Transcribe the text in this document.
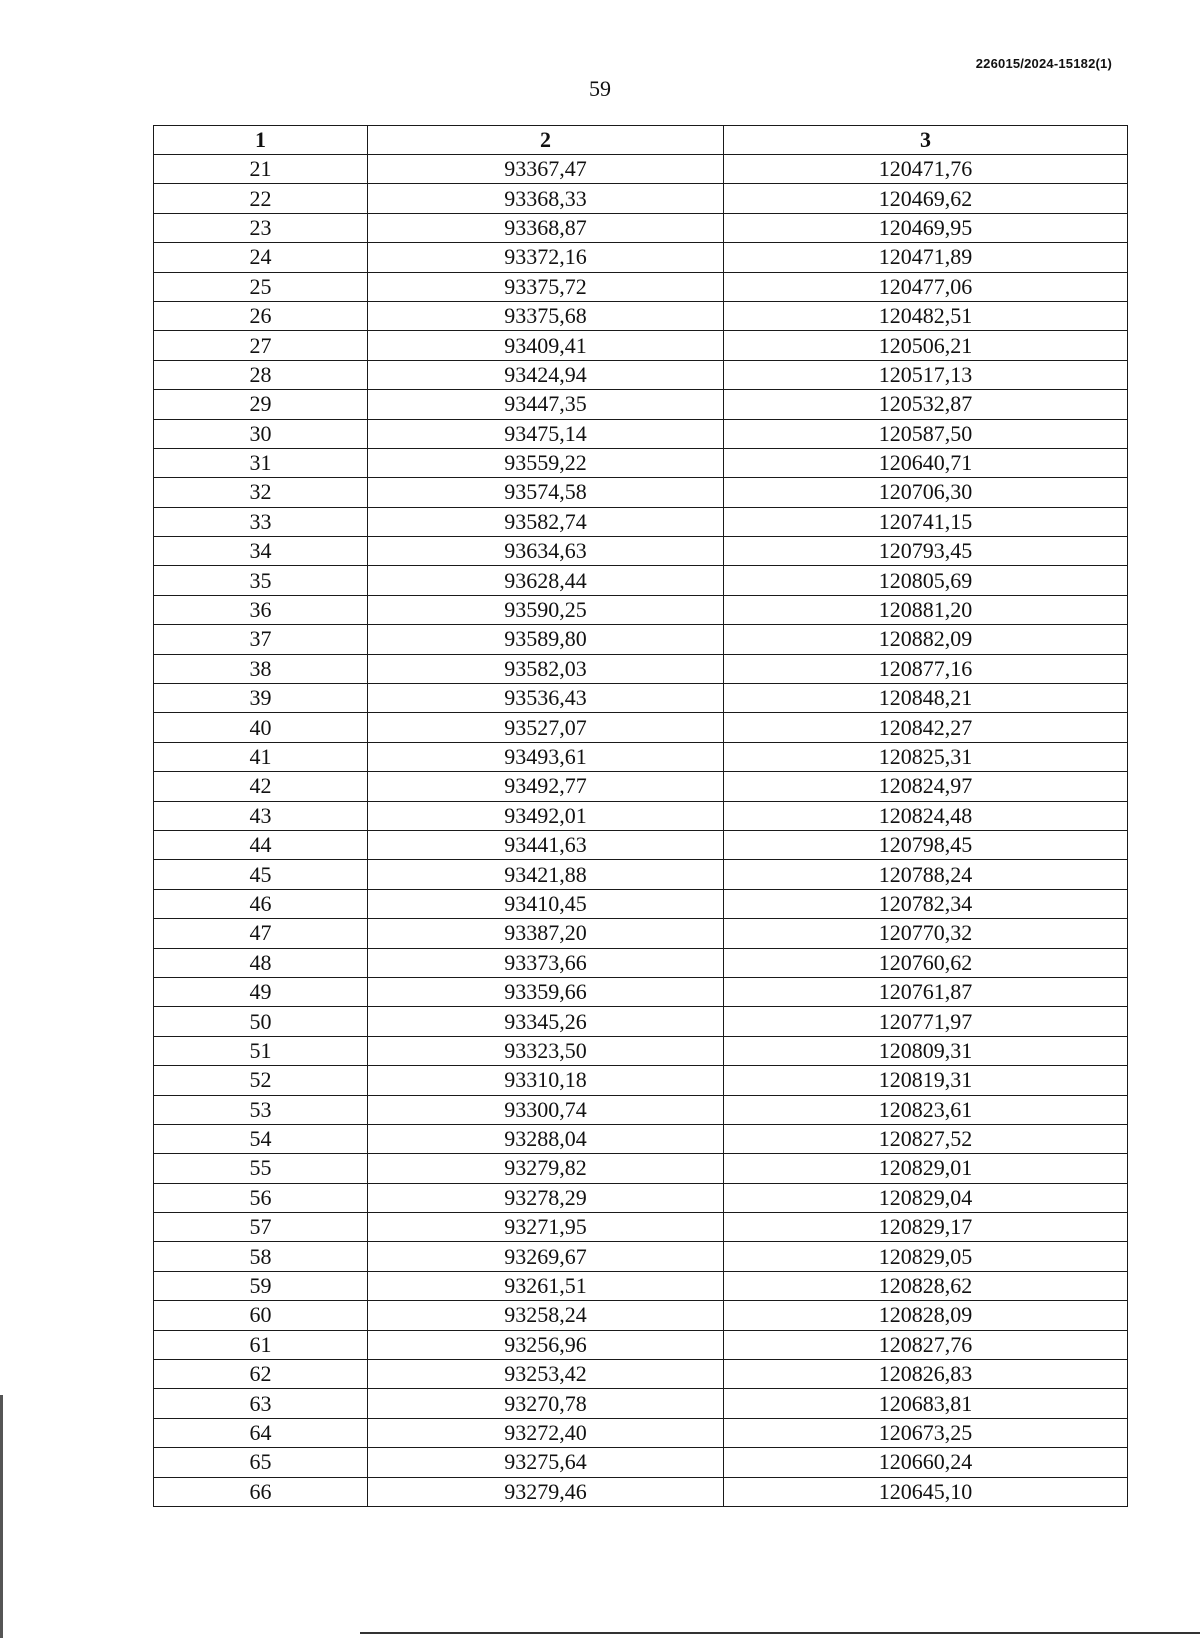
226015/2024-15182(1)
59
1	2	3
21	93367,47	120471,76
22	93368,33	120469,62
23	93368,87	120469,95
24	93372,16	120471,89
25	93375,72	120477,06
26	93375,68	120482,51
27	93409,41	120506,21
28	93424,94	120517,13
29	93447,35	120532,87
30	93475,14	120587,50
31	93559,22	120640,71
32	93574,58	120706,30
33	93582,74	120741,15
34	93634,63	120793,45
35	93628,44	120805,69
36	93590,25	120881,20
37	93589,80	120882,09
38	93582,03	120877,16
39	93536,43	120848,21
40	93527,07	120842,27
41	93493,61	120825,31
42	93492,77	120824,97
43	93492,01	120824,48
44	93441,63	120798,45
45	93421,88	120788,24
46	93410,45	120782,34
47	93387,20	120770,32
48	93373,66	120760,62
49	93359,66	120761,87
50	93345,26	120771,97
51	93323,50	120809,31
52	93310,18	120819,31
53	93300,74	120823,61
54	93288,04	120827,52
55	93279,82	120829,01
56	93278,29	120829,04
57	93271,95	120829,17
58	93269,67	120829,05
59	93261,51	120828,62
60	93258,24	120828,09
61	93256,96	120827,76
62	93253,42	120826,83
63	93270,78	120683,81
64	93272,40	120673,25
65	93275,64	120660,24
66	93279,46	120645,10
